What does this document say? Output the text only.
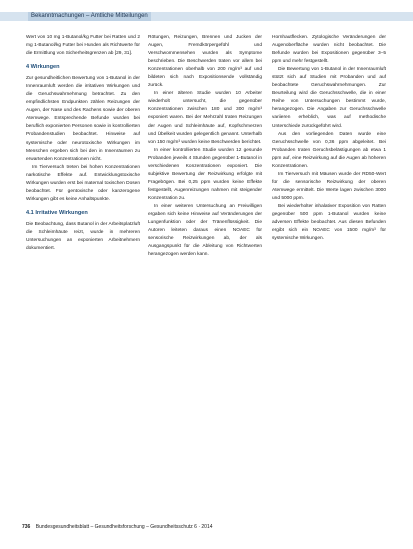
Bekanntmachungen – Amtliche Mitteilungen

Wert von 10 mg 1-Butanol/kg Futter bei Ratten und 2 mg 1-Butanol/kg Futter bei Hunden als Richtwerte für die Ermittlung von Sicherheitsgrenzen ab [29, 31].

4 Wirkungen

Zur gesundheitlichen Bewertung von 1-Butanol in der Innenraumluft werden die irritativen Wirkungen und die Geruchswahrnehmung betrachtet. Zu den empfindlichsten Endpunkten zählen Reizungen der Augen, der Nase und des Rachens sowie der oberen Atemwege. Entsprechende Befunde wurden bei beruflich exponierten Personen sowie in kontrollierten Probandenstudien beobachtet. Hinweise auf systemische oder neurotoxische Wirkungen im Menschen ergeben sich bei den in Innenräumen zu erwartenden Konzentrationen nicht.

Im Tierversuch treten bei hohen Konzentrationen narkotische Effekte auf. Entwicklungstoxische Wirkungen wurden erst bei maternal toxischen Dosen beobachtet. Für gentoxische oder kanzerogene Wirkungen gibt es keine Anhaltspunkte.

4.1 Irritative Wirkungen

Die Beobachtung, dass Butanol in der Arbeitsplatzluft die Schleimhäute reizt, wurde in mehreren Untersuchungen an exponierten Arbeitnehmern dokumentiert.

Rötungen, Reizungen, Brennen und Jucken der Augen, Fremdkörpergefühl und Verschwommensehen wurden als Symptome beschrieben. Die Beschwerden traten vor allem bei Konzentrationen oberhalb von 200 mg/m³ auf und bildeten sich nach Expositionsende vollständig zurück.

In einer älteren Studie wurden 10 Arbeiter wiederholt untersucht, die gegenüber Konzentrationen zwischen 180 und 300 mg/m³ exponiert waren. Bei der Mehrzahl traten Reizungen der Augen und Schleimhäute auf, Kopfschmerzen und Übelkeit wurden gelegentlich genannt. Unterhalb von 150 mg/m³ wurden keine Beschwerden berichtet.

In einer kontrollierten Studie wurden 12 gesunde Probanden jeweils 4 Stunden gegenüber 1-Butanol in verschiedenen Konzentrationen exponiert. Die subjektive Bewertung der Reizwirkung erfolgte mit Fragebögen. Bei 0,25 ppm wurden keine Effekte festgestellt, Augenreizungen nahmen mit steigender Konzentration zu.

In einer weiteren Untersuchung an Freiwilligen ergaben sich keine Hinweise auf Veränderungen der Lungenfunktion oder der Tränenflüssigkeit. Die Autoren leiteten daraus einen NOAEC für sensorische Reizwirkungen ab, der als Ausgangspunkt für die Ableitung von Richtwerten herangezogen werden kann.

Hornhautflecken. Zytologische Veränderungen der Augenoberfläche wurden nicht beobachtet. Die Befunde wurden bei Expositionen gegenüber 3–5 ppm und mehr festgestellt.

Die Bewertung von 1-Butanol in der Innenraumluft stützt sich auf Studien mit Probanden und auf beobachtete Geruchswahrnehmungen. Zur Beurteilung wird die Geruchsschwelle, die in einer Reihe von Untersuchungen bestimmt wurde, herangezogen. Die Angaben zur Geruchsschwelle variieren erheblich, was auf methodische Unterschiede zurückgeführt wird.

Aus den vorliegenden Daten wurde eine Geruchsschwelle von 0,36 ppm abgeleitet. Bei Probanden traten Geruchsbelästigungen ab etwa 1 ppm auf, eine Reizwirkung auf die Augen ab höheren Konzentrationen.

Im Tierversuch mit Mäusen wurde der RD50-Wert für die sensorische Reizwirkung der oberen Atemwege ermittelt. Die Werte lagen zwischen 3000 und 5000 ppm.

Bei wiederholter inhalativer Exposition von Ratten gegenüber 500 ppm 1-Butanol wurden keine adversen Effekte beobachtet. Aus diesen Befunden ergibt sich ein NOAEC von 1500 mg/m³ für systemische Wirkungen.

736 Bundesgesundheitsblatt – Gesundheitsforschung – Gesundheitsschutz 6 · 2014
